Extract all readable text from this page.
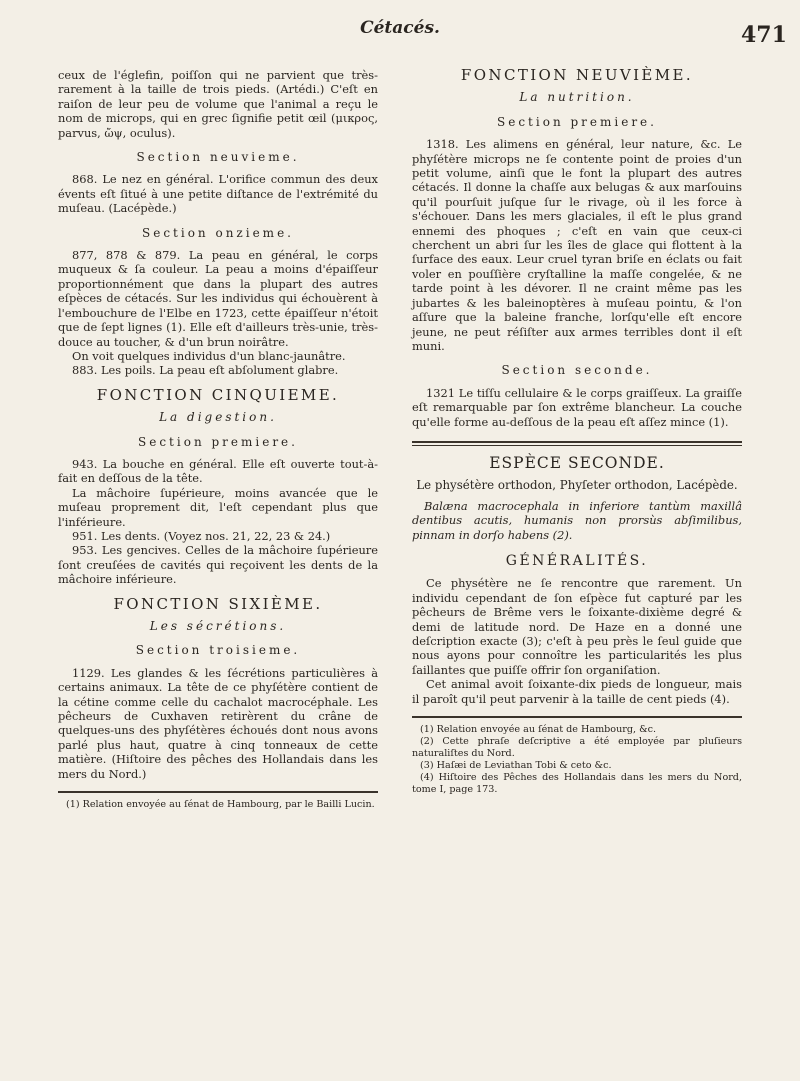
Cétacés.	471

ceux de l'églefin, poiſſon qui ne parvient que très-rarement à la taille de trois pieds. (Artédi.) C'eſt en raiſon de leur peu de volume que l'animal a reçu le nom de microps, qui en grec ſignifie petit œil (μικρος, parvus, ὤψ, oculus).

Section neuvieme.

868. Le nez en général. L'orifice commun des deux évents eſt ſitué à une petite diſtance de l'extrémité du muſeau. (Lacépède.)

Section onzieme.

877, 878 & 879. La peau en général, le corps muqueux & ſa couleur. La peau a moins d'épaiſſeur proportionnément que dans la plupart des autres eſpèces de cétacés. Sur les individus qui échouèrent à l'embouchure de l'Elbe en 1723, cette épaiſſeur n'étoit que de ſept lignes (1). Elle eſt d'ailleurs très-unie, très-douce au toucher, & d'un brun noirâtre.

On voit quelques individus d'un blanc-jaunâtre.

883. Les poils. La peau eſt abſolument glabre.

FONCTION CINQUIEME.
La digestion.
Section premiere.

943. La bouche en général. Elle eſt ouverte tout-à-fait en deſſous de la tête.

La mâchoire ſupérieure, moins avancée que le muſeau proprement dit, l'eſt cependant plus que l'inférieure.

951. Les dents. (Voyez nos. 21, 22, 23 & 24.)

953. Les gencives. Celles de la mâchoire ſupérieure ſont creuſées de cavités qui reçoivent les dents de la mâchoire inférieure.

FONCTION SIXIÈME.
Les sécrétions.
Section troisieme.

1129. Les glandes & les ſécrétions particulières à certains animaux. La tête de ce phyſétère contient de la cétine comme celle du cachalot macrocéphale. Les pêcheurs de Cuxhaven retirèrent du crâne de quelques-uns des phyſétères échoués dont nous avons parlé plus haut, quatre à cinq tonneaux de cette matière. (Hiſtoire des pêches des Hollandais dans les mers du Nord.)

(1) Relation envoyée au ſénat de Hambourg, par le Bailli Lucin.

FONCTION NEUVIÈME.
La nutrition.
Section premiere.

1318. Les alimens en général, leur nature, &c. Le phyſétère microps ne ſe contente point de proies d'un petit volume, ainſi que le font la plupart des autres cétacés. Il donne la chaſſe aux belugas & aux marſouins qu'il pourſuit juſque ſur le rivage, où il les force à s'échouer. Dans les mers glaciales, il eſt le plus grand ennemi des phoques ; c'eſt en vain que ceux-ci cherchent un abri ſur les îles de glace qui flottent à la ſurface des eaux. Leur cruel tyran briſe en éclats ou fait voler en pouſſière cryſtalline la maſſe congelée, & ne tarde point à les dévorer. Il ne craint même pas les jubartes & les baleinoptères à muſeau pointu, & l'on aſſure que la baleine franche, lorſqu'elle eſt encore jeune, ne peut réſiſter aux armes terribles dont il eſt muni.

Section seconde.

1321 Le tiſſu cellulaire & le corps graiſſeux. La graiſſe eſt remarquable par ſon extrême blancheur. La couche qu'elle forme au-deſſous de la peau eſt aſſez mince (1).

ESPÈCE SECONDE.
Le physétère orthodon, Phyſeter orthodon, Lacépède.

Balæna macrocephala in inferiore tantùm maxillâ dentibus acutis, humanis non prorsùs abſimilibus, pinnam in dorſo habens (2).

GÉNÉRALITÉS.

Ce physétère ne ſe rencontre que rarement. Un individu cependant de ſon eſpèce fut capturé par les pêcheurs de Brême vers le ſoixante-dixième degré & demi de latitude nord. De Haze en a donné une deſcription exacte (3); c'eſt à peu près le ſeul guide que nous ayons pour connoître les particularités les plus ſaillantes que puiſſe offrir ſon organiſation.

Cet animal avoit ſoixante-dix pieds de longueur, mais il paroît qu'il peut parvenir à la taille de cent pieds (4).

(1) Relation envoyée au ſénat de Hambourg, &c.

(2) Cette phraſe deſcriptive a été employée par pluſieurs naturaliſtes du Nord.

(3) Haſæi de Leviathan Tobi & ceto &c.

(4) Hiſtoire des Pêches des Hollandais dans les mers du Nord, tome I, page 173.
